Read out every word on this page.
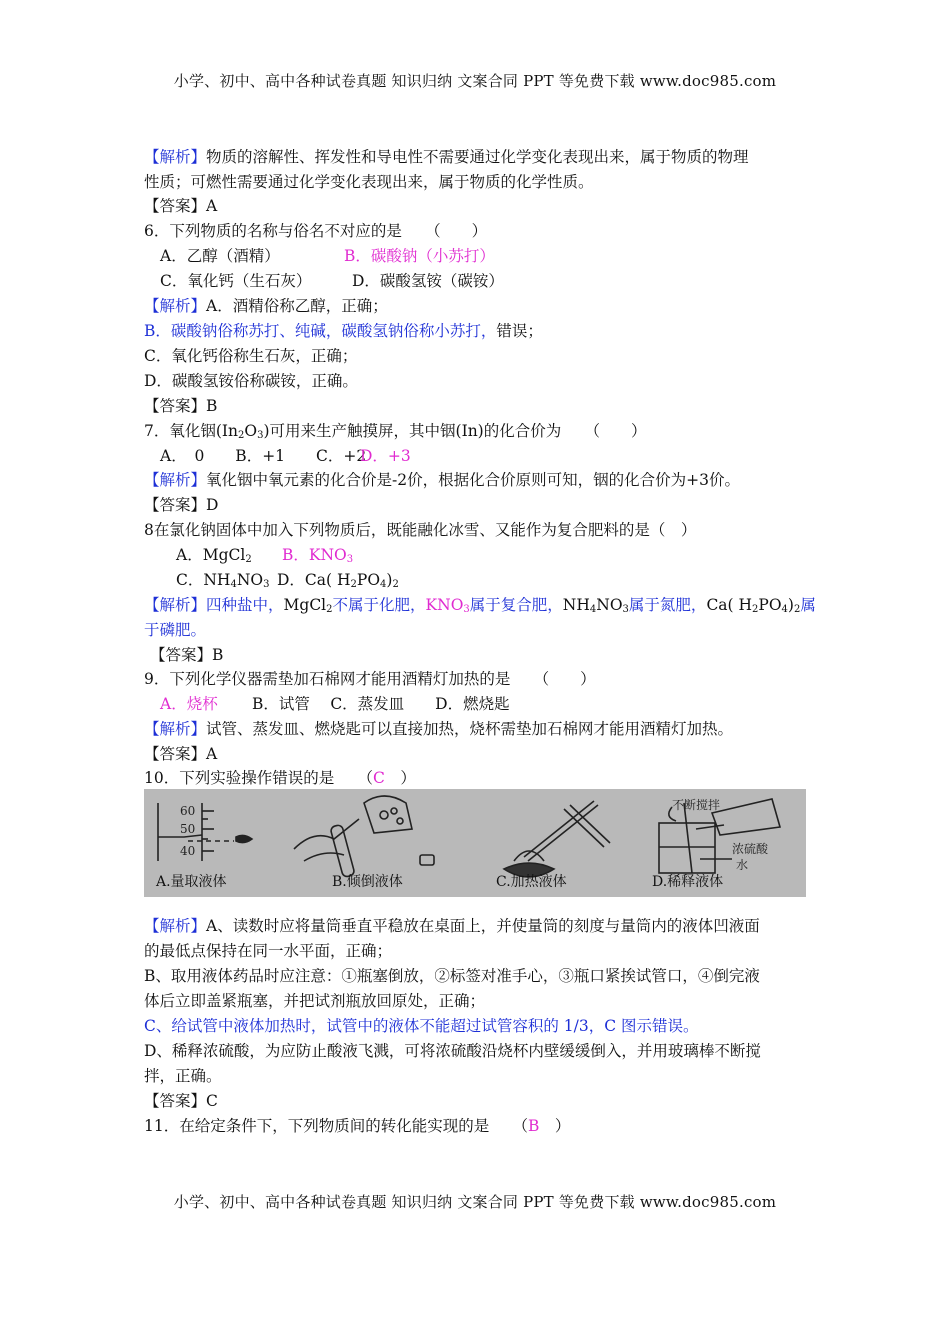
小学、初中、高中各种试卷真题 知识归纳 文案合同 PPT 等免费下载 www.doc985.com
【解析】物质的溶解性、挥发性和导电性不需要通过化学变化表现出来，属于物质的物理
性质；可燃性需要通过化学变化表现出来，属于物质的化学性质。
【答案】A
6．下列物质的名称与俗名不对应的是　　（　　）
A．乙醇（酒精）	B．碳酸钠（小苏打）
C．氧化钙（生石灰）	D．碳酸氢铵（碳铵）
【解析】A．酒精俗称乙醇，正确；
B．碳酸钠俗称苏打、纯碱，碳酸氢钠俗称小苏打，错误；
C．氧化钙俗称生石灰，正确；
D．碳酸氢铵俗称碳铵，正确。
【答案】B
7．氧化铟$(In_2O_3)$可用来生产触摸屏，其中铟(In)的化合价为　　（　　）
A．　0　　B．+1　　C．+2
D．+3
【解析】氧化铟中氧元素的化合价是-2价，根据化合价原则可知，铟的化合价为+3价。
【答案】D
8在氯化钠固体中加入下列物质后，既能融化冰雪、又能作为复合肥料的是（　）
A．MgCl$_2$ B．$KNO_3$
C．$NH_4NO_3$ D．Ca( $H_2PO_4)_2$
【解析】四种盐中，MgCl$_2$不属于化肥，$KNO_3$属于复合肥，$NH_4NO_3$属于氮肥，Ca( $H_2PO_4)_2$属
于磷肥。
【答案】B
9．下列化学仪器需垫加石棉网才能用酒精灯加热的是　　（　　）
A．烧杯 B．试管　 C．蒸发皿　　D．燃烧匙
【解析】试管、蒸发皿、燃烧匙可以直接加热，烧杯需垫加石棉网才能用酒精灯加热。
【答案】A
10．下列实验操作错误的是　　（C　）
60
50
40
不断搅拌
浓硫酸
水
A.量取液体	B.倾倒液体	C.加热液体	D.稀释液体
【解析】A、读数时应将量筒垂直平稳放在桌面上，并使量筒的刻度与量筒内的液体凹液面
的最低点保持在同一水平面，正确；
B、取用液体药品时应注意：①瓶塞倒放，②标签对准手心，③瓶口紧挨试管口，④倒完液
体后立即盖紧瓶塞，并把试剂瓶放回原处，正确；
C、给试管中液体加热时，试管中的液体不能超过试管容积的 1/3，C 图示错误。
D、稀释浓硫酸，为应防止酸液飞溅，可将浓硫酸沿烧杯内壁缓缓倒入，并用玻璃棒不断搅
拌，正确。
【答案】C
11．在给定条件下，下列物质间的转化能实现的是　　（B　）
小学、初中、高中各种试卷真题 知识归纳 文案合同 PPT 等免费下载 www.doc985.com
